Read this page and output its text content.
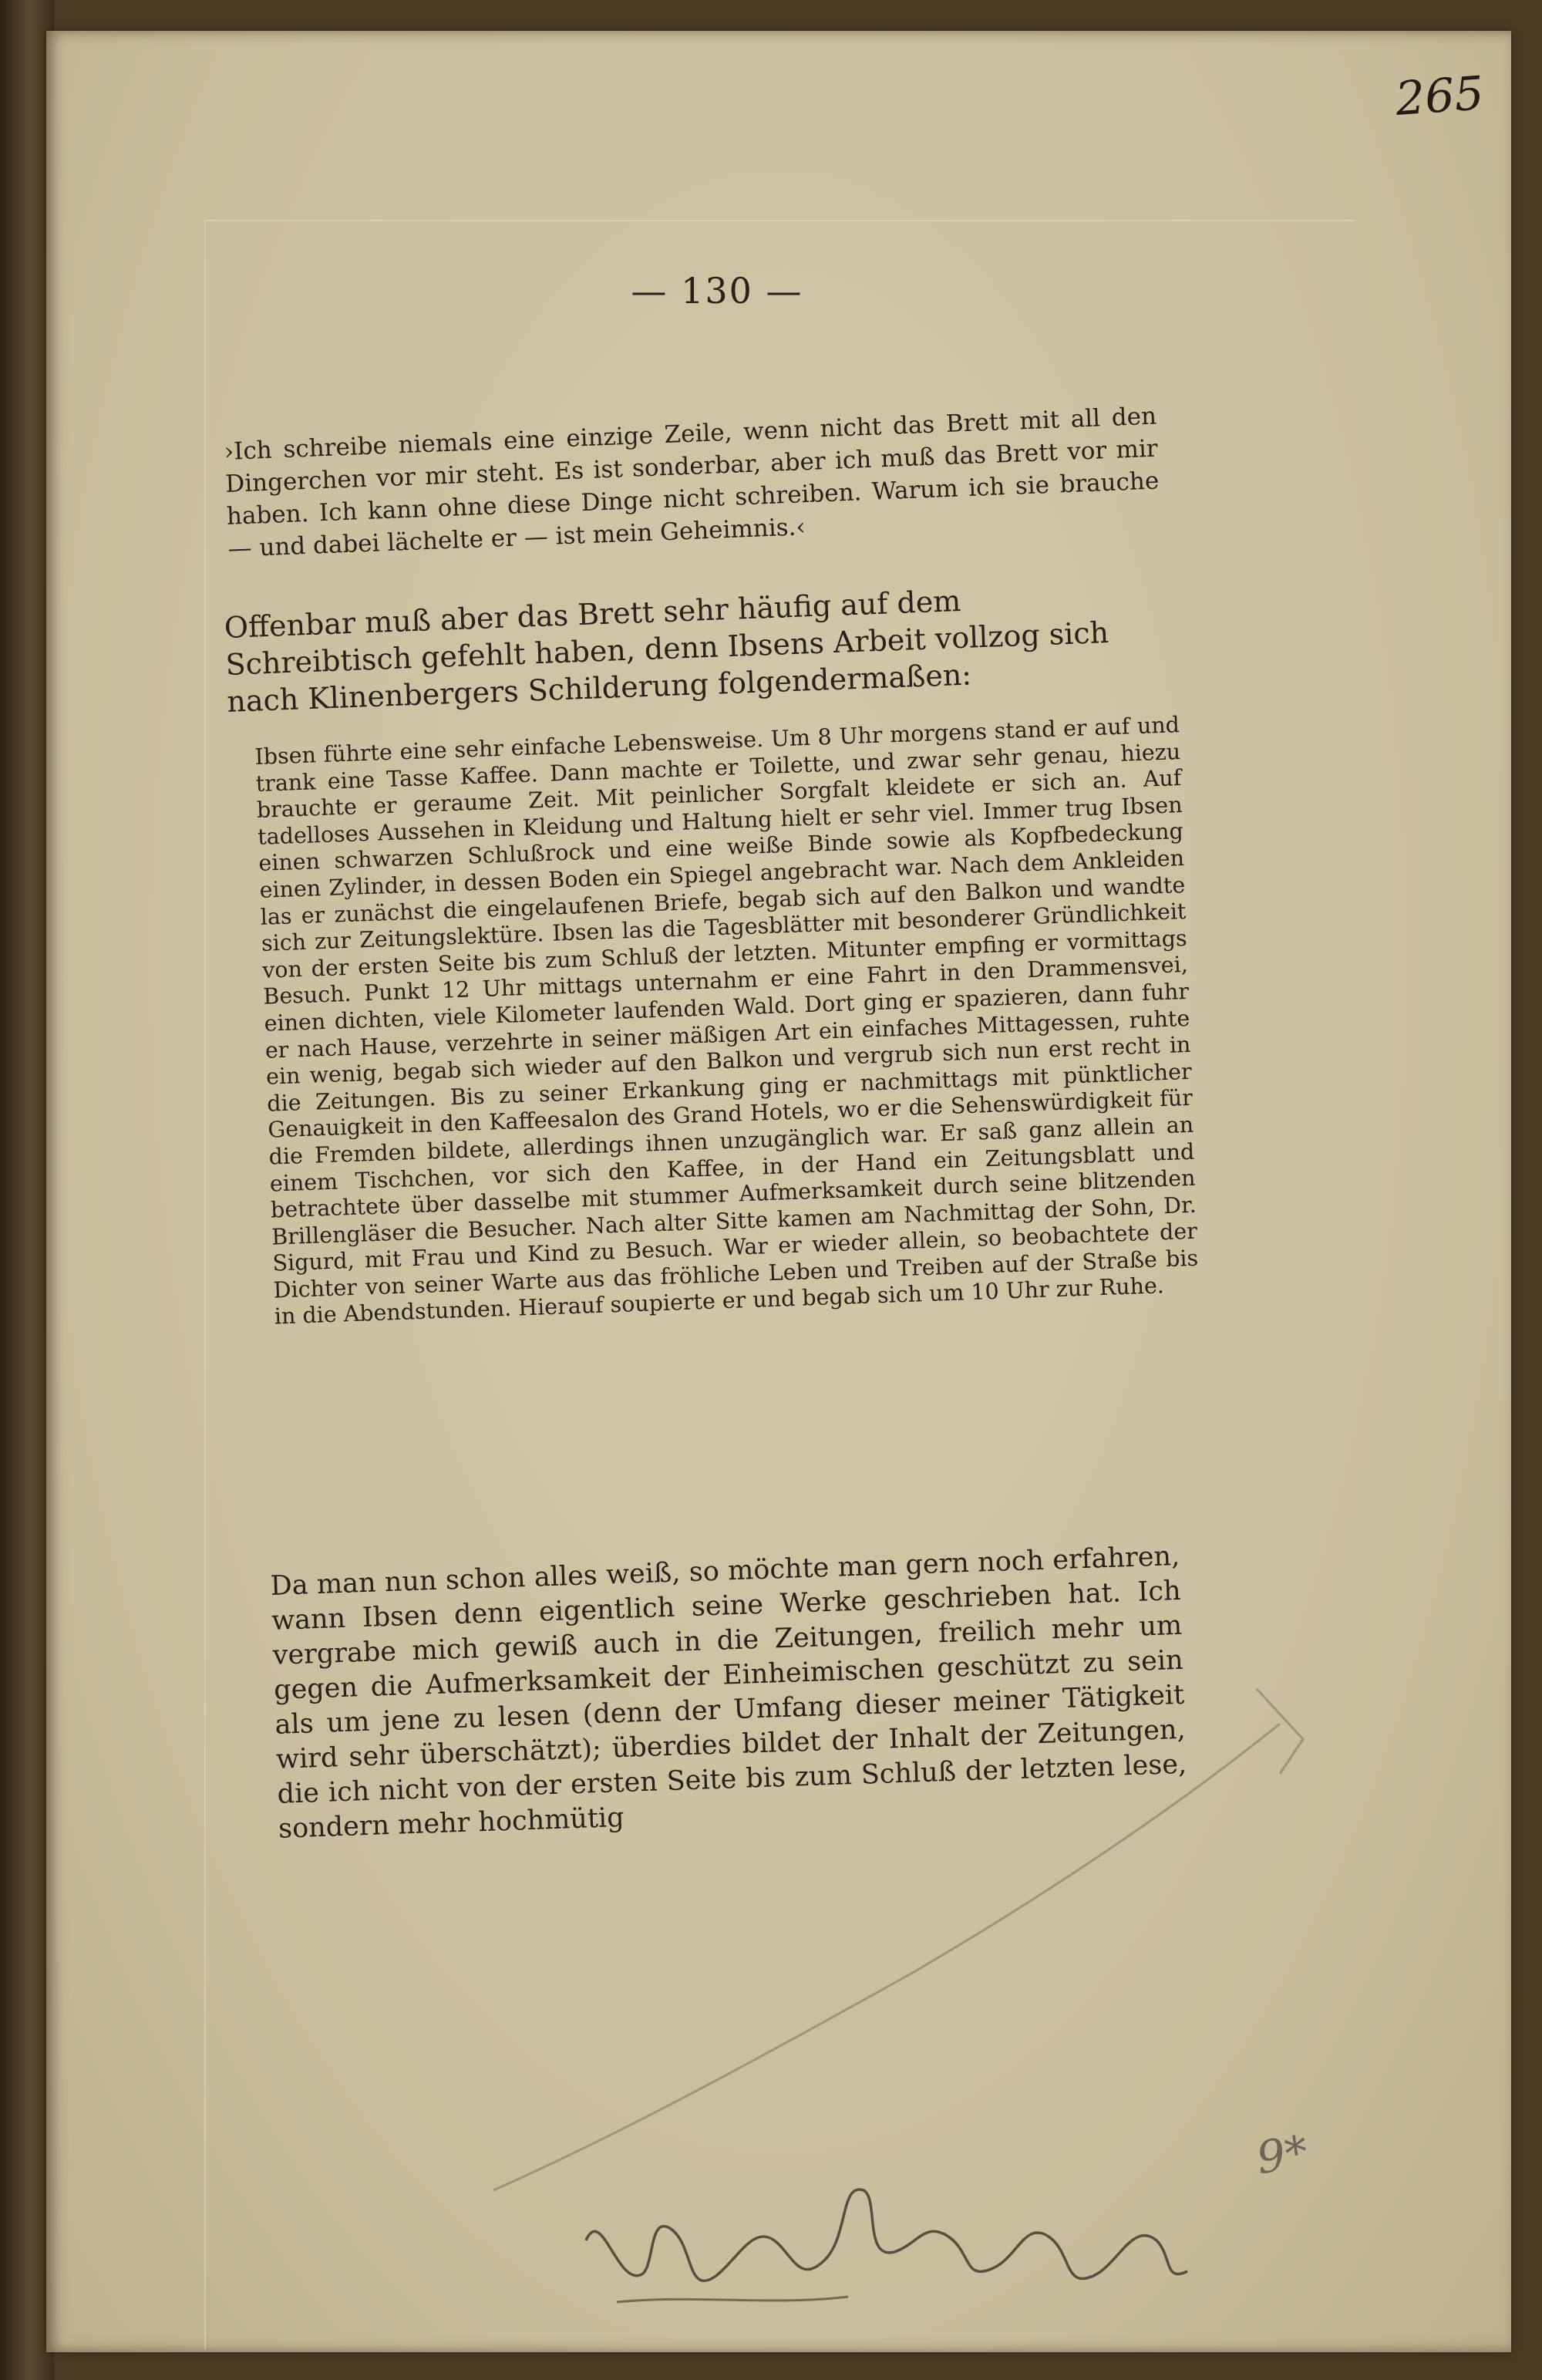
265
— 130 —

›Ich schreibe niemals eine einzige Zeile, wenn nicht das Brett mit all den Dingerchen vor mir steht. Es ist sonderbar, aber ich muß das Brett vor mir haben. Ich kann ohne diese Dinge nicht schreiben. Warum ich sie brauche — und dabei lächelte er — ist mein Geheimnis.‹

Offenbar muß aber das Brett sehr häufig auf dem Schreibtisch gefehlt haben, denn Ibsens Arbeit vollzog sich nach Klinenbergers Schilderung folgendermaßen:

Ibsen führte eine sehr einfache Lebensweise. Um 8 Uhr morgens stand er auf und trank eine Tasse Kaffee. Dann machte er Toilette, und zwar sehr genau, hiezu brauchte er geraume Zeit. Mit peinlicher Sorgfalt kleidete er sich an. Auf tadelloses Aussehen in Kleidung und Haltung hielt er sehr viel. Immer trug Ibsen einen schwarzen Schlußrock und eine weiße Binde sowie als Kopfbedeckung einen Zylinder, in dessen Boden ein Spiegel angebracht war. Nach dem Ankleiden las er zunächst die eingelaufenen Briefe, begab sich auf den Balkon und wandte sich zur Zeitungslektüre. Ibsen las die Tagesblätter mit besonderer Gründlichkeit von der ersten Seite bis zum Schluß der letzten. Mitunter empfing er vormittags Besuch. Punkt 12 Uhr mittags unternahm er eine Fahrt in den Drammensvei, einen dichten, viele Kilometer laufenden Wald. Dort ging er spazieren, dann fuhr er nach Hause, verzehrte in seiner mäßigen Art ein einfaches Mittagessen, ruhte ein wenig, begab sich wieder auf den Balkon und vergrub sich nun erst recht in die Zeitungen. Bis zu seiner Erkankung ging er nachmittags mit pünktlicher Genauigkeit in den Kaffeesalon des Grand Hotels, wo er die Sehenswürdigkeit für die Fremden bildete, allerdings ihnen unzugänglich war. Er saß ganz allein an einem Tischchen, vor sich den Kaffee, in der Hand ein Zeitungsblatt und betrachtete über dasselbe mit stummer Aufmerksamkeit durch seine blitzenden Brillengläser die Besucher. Nach alter Sitte kamen am Nachmittag der Sohn, Dr. Sigurd, mit Frau und Kind zu Besuch. War er wieder allein, so beobachtete der Dichter von seiner Warte aus das fröhliche Leben und Treiben auf der Straße bis in die Abendstunden. Hierauf soupierte er und begab sich um 10 Uhr zur Ruhe.

Da man nun schon alles weiß, so möchte man gern noch erfahren, wann Ibsen denn eigentlich seine Werke geschrieben hat. Ich vergrabe mich gewiß auch in die Zeitungen, freilich mehr um gegen die Aufmerksamkeit der Einheimischen geschützt zu sein als um jene zu lesen (denn der Umfang dieser meiner Tätigkeit wird sehr überschätzt); überdies bildet der Inhalt der Zeitungen, die ich nicht von der ersten Seite bis zum Schluß der letzten lese, sondern mehr hochmütig

9*
